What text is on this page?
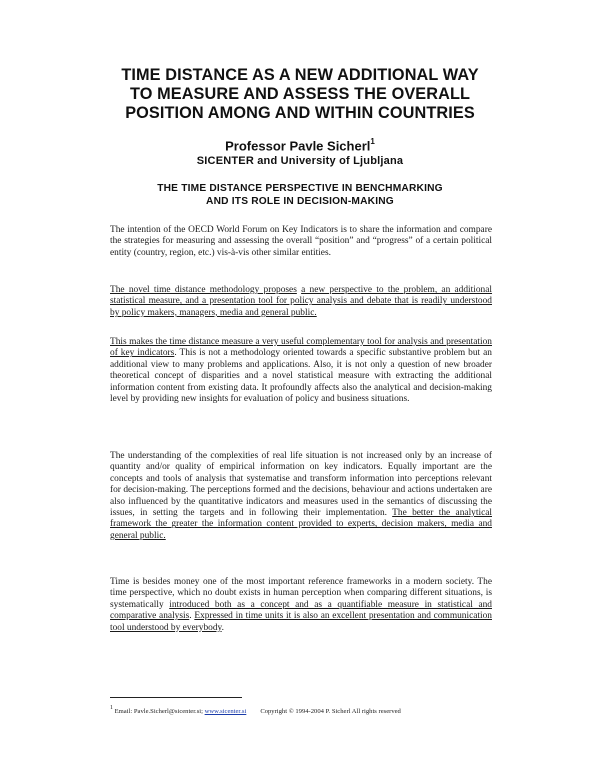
TIME DISTANCE AS A NEW ADDITIONAL WAY
TO MEASURE AND ASSESS THE OVERALL
POSITION AMONG AND WITHIN COUNTRIES
Professor Pavle Sicherl$^1$
SICENTER and University of Ljubljana
THE TIME DISTANCE PERSPECTIVE IN BENCHMARKING
AND ITS ROLE IN DECISION-MAKING

The intention of the OECD World Forum on Key Indicators is to share the information and compare the strategies for measuring and assessing the overall “position” and “progress” of a certain political entity (country, region, etc.) vis-à-vis other similar entities.

The novel time distance methodology proposes a new perspective to the problem, an additional statistical measure, and a presentation tool for policy analysis and debate that is readily understood by policy makers, managers, media and general public.

This makes the time distance measure a very useful complementary tool for analysis and presentation of key indicators. This is not a methodology oriented towards a specific substantive problem but an additional view to many problems and applications. Also, it is not only a question of new broader theoretical concept of disparities and a novel statistical measure with extracting the additional information content from existing data. It profoundly affects also the analytical and decision-making level by providing new insights for evaluation of policy and business situations.

The understanding of the complexities of real life situation is not increased only by an increase of quantity and/or quality of empirical information on key indicators. Equally important are the concepts and tools of analysis that systematise and transform information into perceptions relevant for decision-making. The perceptions formed and the decisions, behaviour and actions undertaken are also influenced by the quantitative indicators and measures used in the semantics of discussing the issues, in setting the targets and in following their implementation. The better the analytical framework the greater the information content provided to experts, decision makers, media and general public.

Time is besides money one of the most important reference frameworks in a modern society. The time perspective, which no doubt exists in human perception when comparing different situations, is systematically introduced both as a concept and as a quantifiable measure in statistical and comparative analysis. Expressed in time units it is also an excellent presentation and communication tool understood by everybody.

$^1$ Email: Pavle.Sicherl@sicenter.si; www.sicenter.si Copyright © 1994-2004 P. Sicherl All rights reserved
